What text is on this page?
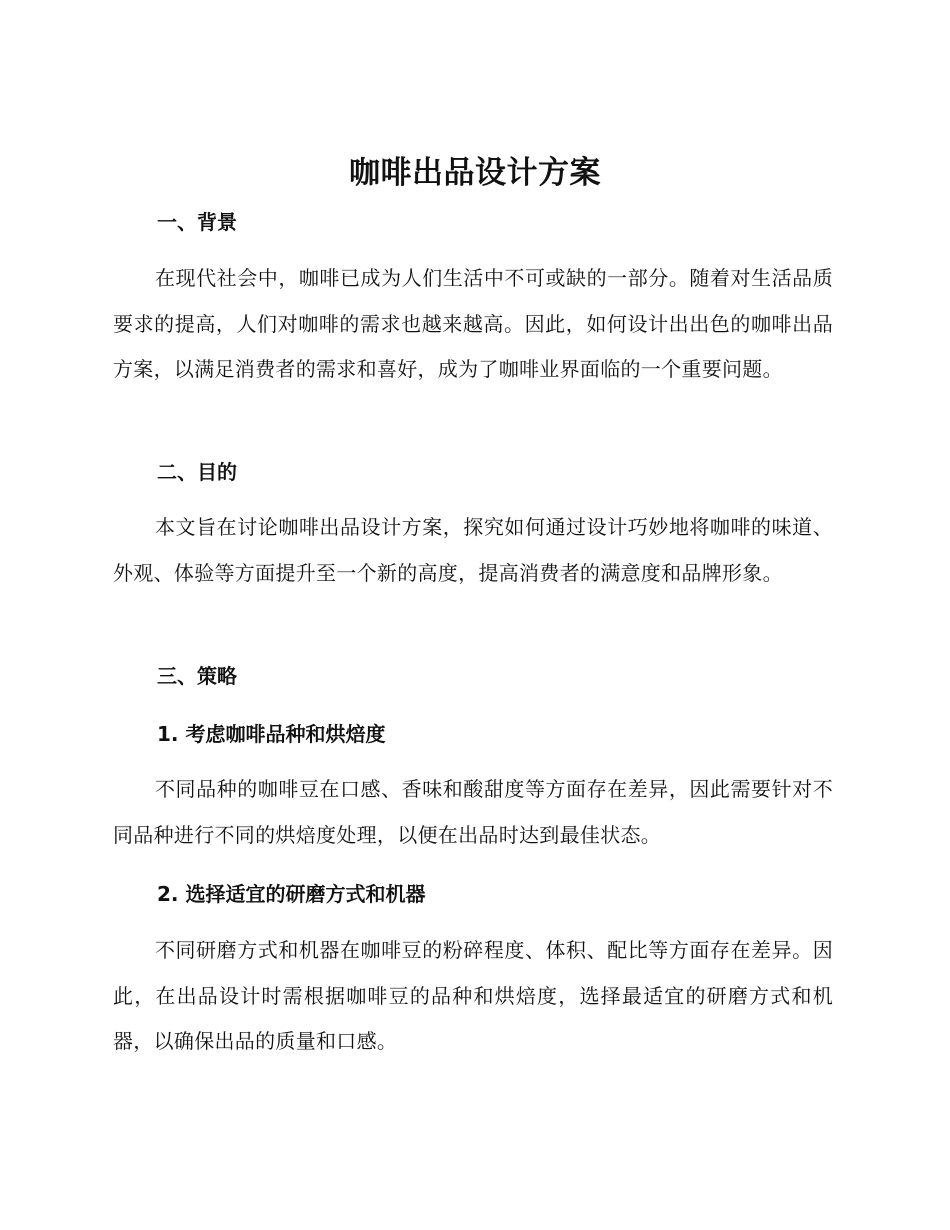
咖啡出品设计方案
一、背景
在现代社会中，咖啡已成为人们生活中不可或缺的一部分。随着对生活品质要求的提高，人们对咖啡的需求也越来越高。因此，如何设计出出色的咖啡出品方案，以满足消费者的需求和喜好，成为了咖啡业界面临的一个重要问题。
二、目的
本文旨在讨论咖啡出品设计方案，探究如何通过设计巧妙地将咖啡的味道、外观、体验等方面提升至一个新的高度，提高消费者的满意度和品牌形象。
三、策略
1. 考虑咖啡品种和烘焙度
不同品种的咖啡豆在口感、香味和酸甜度等方面存在差异，因此需要针对不同品种进行不同的烘焙度处理，以便在出品时达到最佳状态。
2. 选择适宜的研磨方式和机器
不同研磨方式和机器在咖啡豆的粉碎程度、体积、配比等方面存在差异。因此，在出品设计时需根据咖啡豆的品种和烘焙度，选择最适宜的研磨方式和机器，以确保出品的质量和口感。
